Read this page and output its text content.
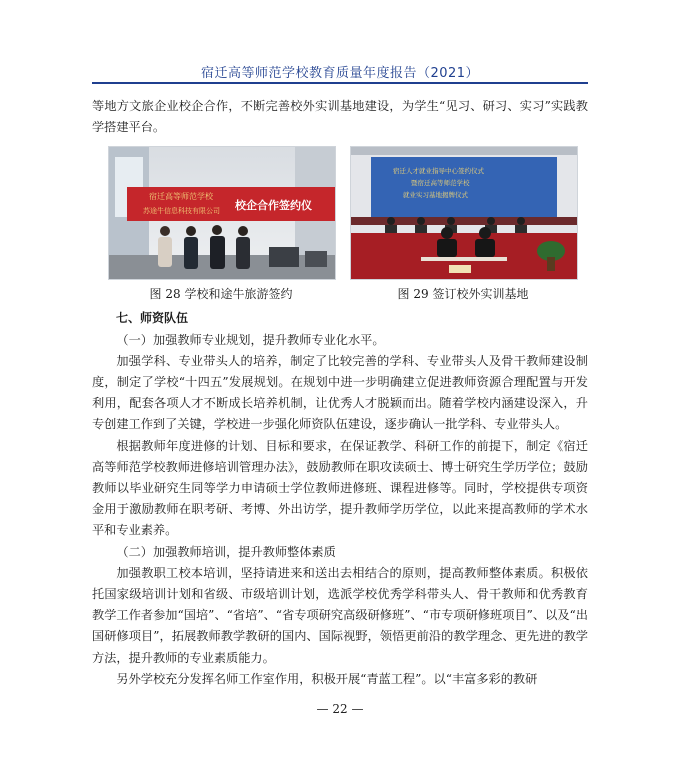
宿迁高等师范学校教育质量年度报告（2021）

等地方文旅企业校企合作，不断完善校外实训基地建设，为学生“见习、研习、实习”实践教学搭建平台。

宿迁高等师范学校
苏途牛信息科技有限公司 校企合作签约仪
图 28 学校和途牛旅游签约
宿迁人才就业指导中心签约仪式
暨宿迁高等师范学校
就业实习基地揭牌仪式
图 29 签订校外实训基地

七、师资队伍

（一）加强教师专业规划，提升教师专业化水平。

加强学科、专业带头人的培养，制定了比较完善的学科、专业带头人及骨干教师建设制度，制定了学校“十四五”发展规划。在规划中进一步明确建立促进教师资源合理配置与开发利用，配套各项人才不断成长培养机制，让优秀人才脱颖而出。随着学校内涵建设深入，升专创建工作到了关键，学校进一步强化师资队伍建设，逐步确认一批学科、专业带头人。

根据教师年度进修的计划、目标和要求，在保证教学、科研工作的前提下，制定《宿迁高等师范学校教师进修培训管理办法》，鼓励教师在职攻读硕士、博士研究生学历学位；鼓励教师以毕业研究生同等学力申请硕士学位教师进修班、课程进修等。同时，学校提供专项资金用于激励教师在职考研、考博、外出访学，提升教师学历学位，以此来提高教师的学术水平和专业素养。

（二）加强教师培训，提升教师整体素质

加强教职工校本培训，坚持请进来和送出去相结合的原则，提高教师整体素质。积极依托国家级培训计划和省级、市级培训计划，选派学校优秀学科带头人、骨干教师和优秀教育教学工作者参加“国培”、“省培”、“省专项研究高级研修班”、“市专项研修班项目”、以及“出国研修项目”，拓展教师教学教研的国内、国际视野，领悟更前沿的教学理念、更先进的教学方法，提升教师的专业素质能力。

另外学校充分发挥名师工作室作用，积极开展“青蓝工程”。以“丰富多彩的教研

— 22 —
